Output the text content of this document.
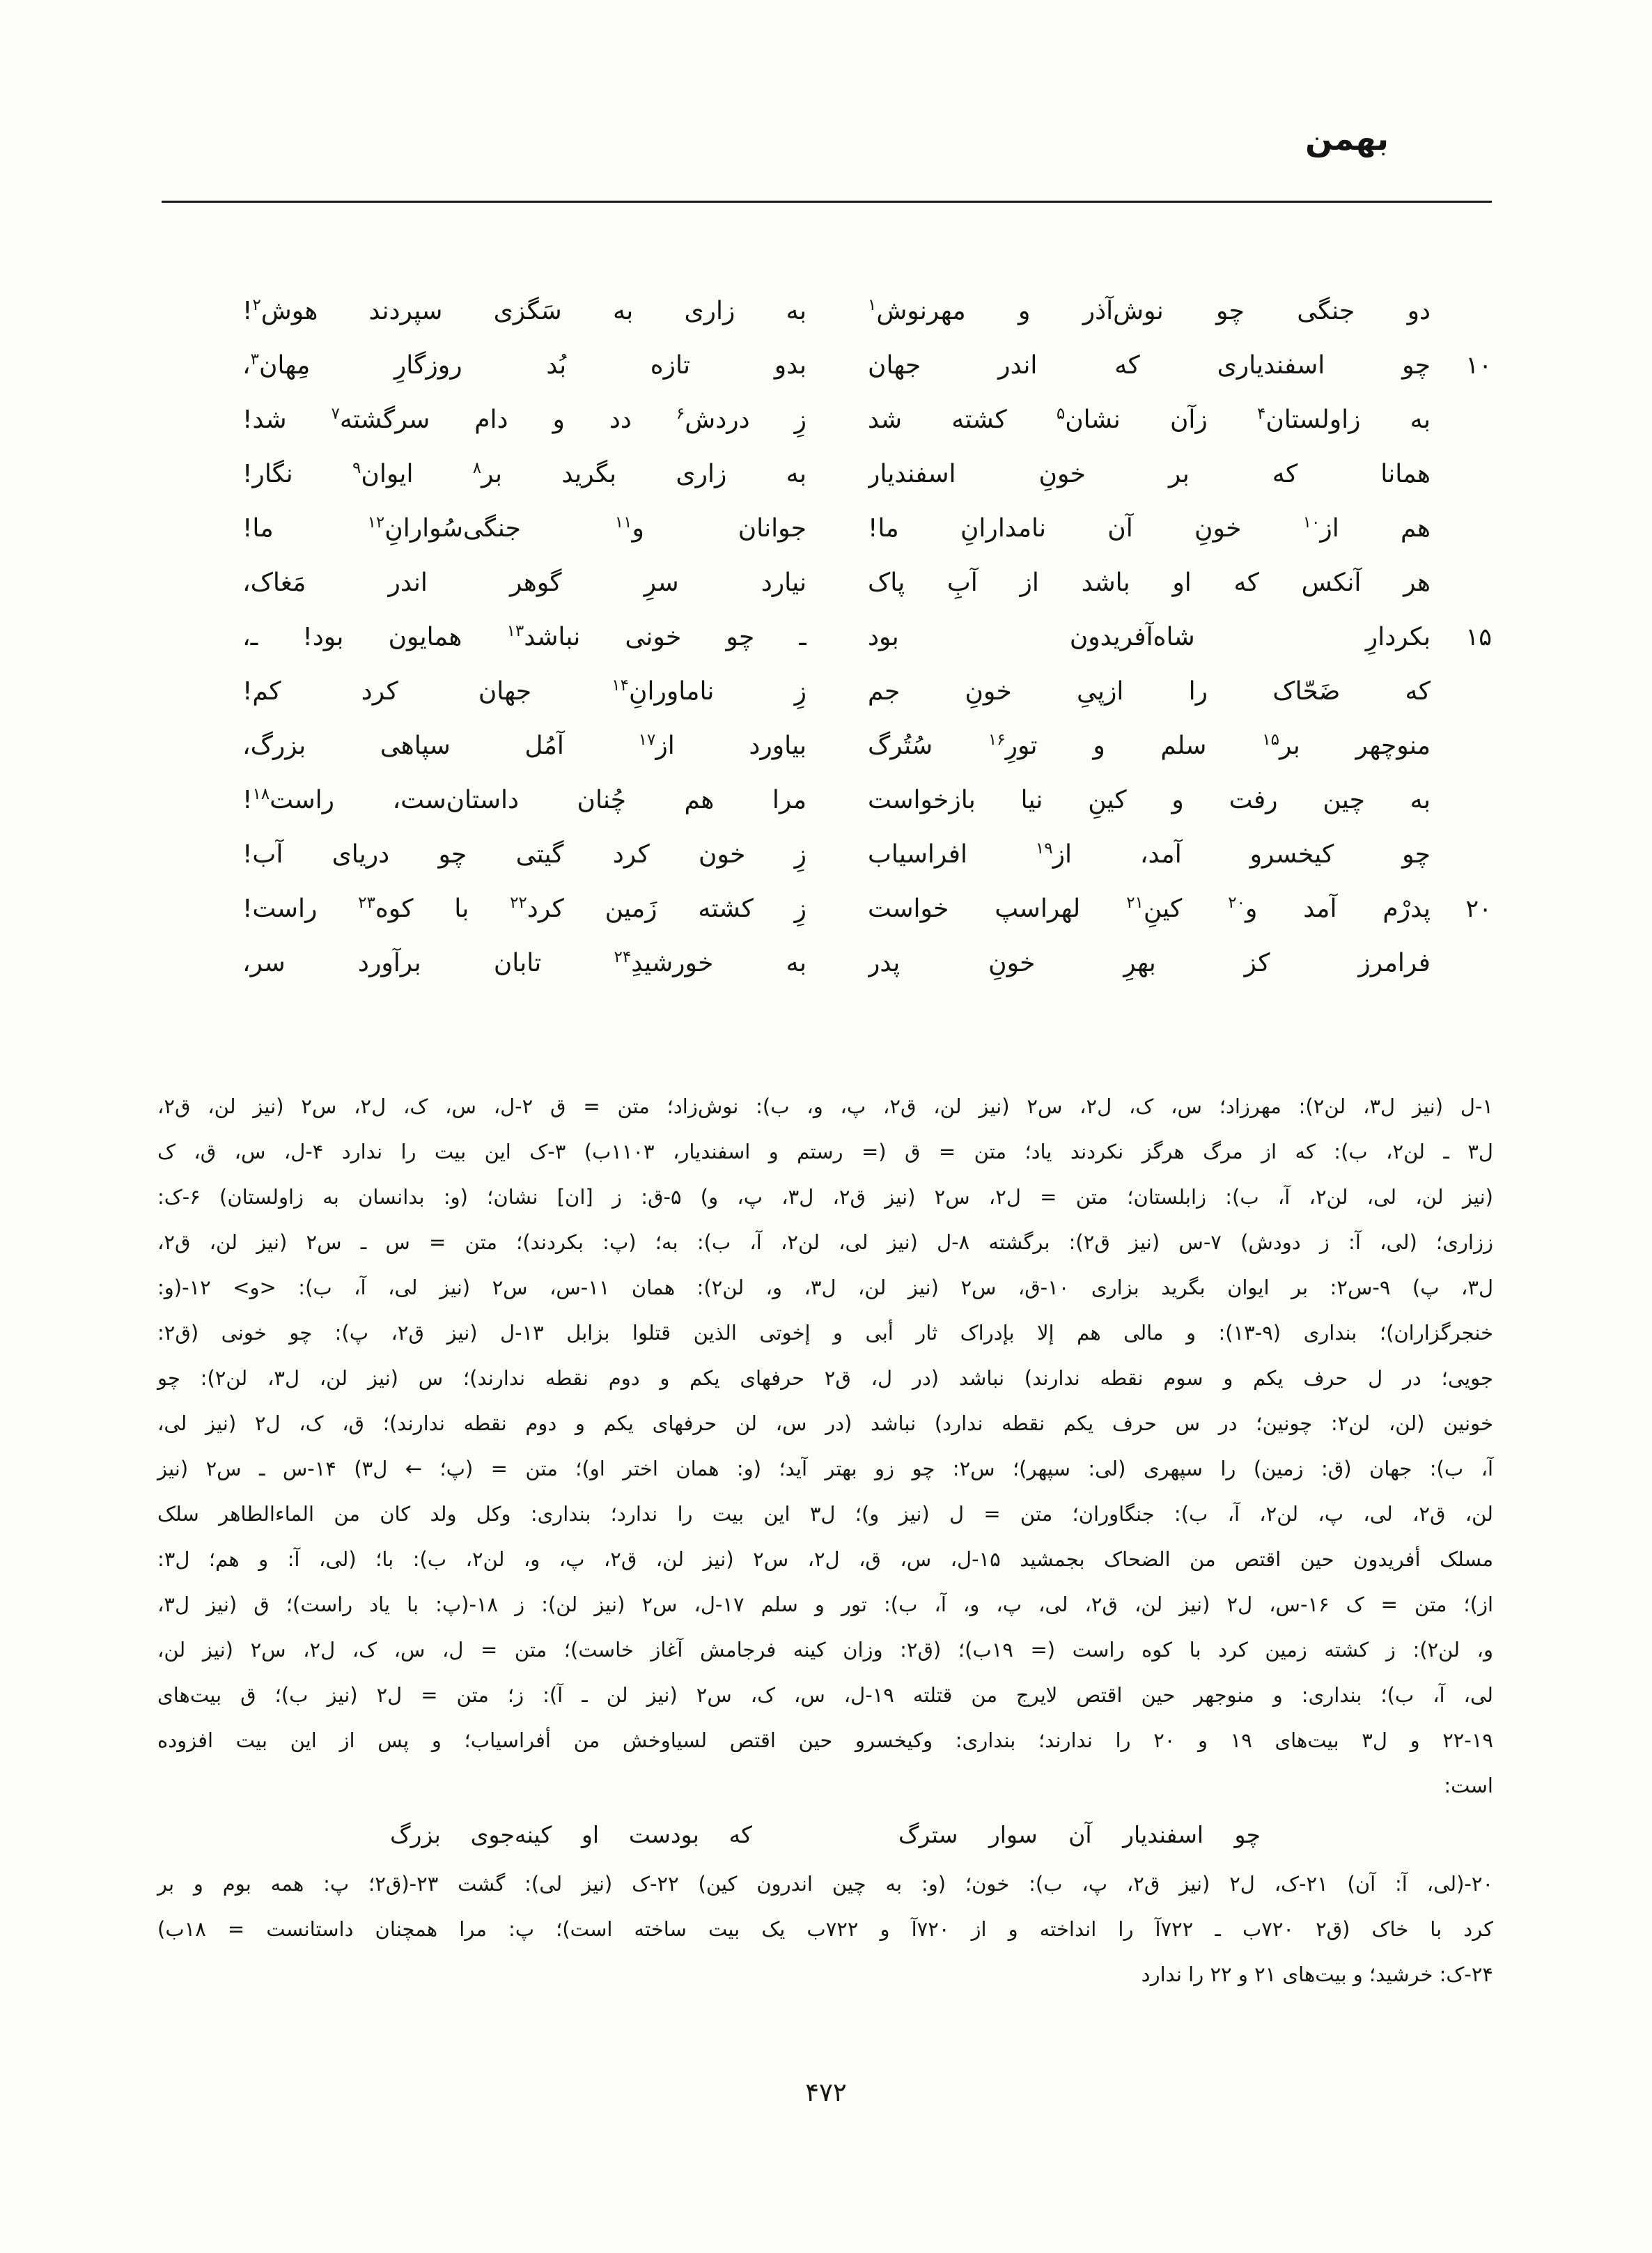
بهمن
دو جنگی چو نوش‌آذر و مهرنوش$^۱$
به زاری به سَگزی سپردند هوش$^۲$!
۱۰
چو اسفندیاری که اندر جهان
بدو تازه بُد روزگارِ مِهان$^۳$،
به زاولستان$^۴$ زآن نشان$^۵$ کشته شد
زِ دردش$^۶$ دد و دام سرگشته$^۷$ شد!
همانا که بر خونِ اسفندیار
به زاری بگرید بر$^۸$ ایوان$^۹$ نگار!
هم از$^{۱۰}$ خونِ آن نامدارانِ ما!
جوانان و$^{۱۱}$ جنگی‌سُوارانِ$^{۱۲}$ ما!
هر آنکس که او باشد از آبِ پاک
نیارد سرِ گوهر اندر مَغاک،
۱۵
بکردارِ شاه‌آفریدون بود
ـ چو خونی نباشد$^{۱۳}$ همایون بود! ـ،
که ضَحّاک را ازپیِ خونِ جم
زِ ناماورانِ$^{۱۴}$ جهان کرد کم!
منوچهر بر$^{۱۵}$ سلم و تورِ$^{۱۶}$ سُتُرگ
بیاورد از$^{۱۷}$ آمُل سپاهی بزرگ،
به چین رفت و کینِ نیا بازخواست
مرا هم چُنان داستان‌ست، راست$^{۱۸}$!
چو کیخسرو آمد، از$^{۱۹}$ افراسیاب
زِ خون کرد گیتی چو دریای آب!
۲۰
پدرْم آمد و$^{۲۰}$ کینِ$^{۲۱}$ لهراسپ خواست
زِ کشته زَمین کرد$^{۲۲}$ با کوه$^{۲۳}$ راست!
فرامرز کز بهرِ خونِ پدر
به خورشیدِ$^{۲۴}$ تابان برآورد سر،
۱-ل (نیز ل۳، لن۲): مهرزاد؛ س، ک، ل۲، س۲ (نیز لن، ق۲، پ، و، ب): نوش‌زاد؛ متن = ق ۲-ل، س، ک، ل۲، س۲ (نیز لن، ق۲،
ل۳ ـ لن۲، ب): که از مرگ هرگز نکردند یاد؛ متن = ق (= رستم و اسفندیار، ۱۱۰۳ب) ۳-ک این بیت را ندارد ۴-ل، س، ق، ک
(نیز لن، لی، لن۲، آ، ب): زابلستان؛ متن = ل۲، س۲ (نیز ق۲، ل۳، پ، و) ۵-ق: ز [ان] نشان؛ (و: بدانسان به زاولستان) ۶-ک:
ززاری؛ (لی، آ: ز دودش) ۷-س (نیز ق۲): برگشته ۸-ل (نیز لی، لن۲، آ، ب): به؛ (پ: بکردند)؛ متن = س ـ س۲ (نیز لن، ق۲،
ل۳، پ) ۹-س۲: بر ایوان بگرید بزاری ۱۰-ق، س۲ (نیز لن، ل۳، و، لن۲): همان ۱۱-س، س۲ (نیز لی، آ، ب): <و> ۱۲-(و:
خنجرگزاران)؛ بنداری (۹‏-‏۱۳): و مالی هم إلا بإدراک ثار أبی و إخوتی الذین قتلوا بزابل ۱۳-ل (نیز ق۲، پ): چو خونی (ق۲:
جویی؛ در ل حرف یکم و سوم نقطه ندارند) نباشد (در ل، ق۲ حرفهای یکم و دوم نقطه ندارند)؛ س (نیز لن، ل۳، لن۲): چو
خونین (لن، لن۲: چونین؛ در س حرف یکم نقطه ندارد) نباشد (در س، لن حرفهای یکم و دوم نقطه ندارند)؛ ق، ک، ل۲ (نیز لی،
آ، ب): جهان (ق: زمین) را سپهری (لی: سپهر)؛ س۲: چو زو بهتر آید؛ (و: همان اختر او)؛ متن = (پ؛ ← ل۳) ۱۴-س ـ س۲ (نیز
لن، ق۲، لی، پ، لن۲، آ، ب): جنگاوران؛ متن = ل (نیز و)؛ ل۳ این بیت را ندارد؛ بنداری: وکل ولد کان من الماءالطاهر سلک
مسلک أفریدون حین اقتص من الضحاک بجمشید ۱۵-ل، س، ق، ل۲، س۲ (نیز لن، ق۲، پ، و، لن۲، ب): با؛ (لی، آ: و هم؛ ل۳:
از)؛ متن = ک ۱۶-س، ل۲ (نیز لن، ق۲، لی، پ، و، آ، ب): تور و سلم ۱۷-ل، س۲ (نیز لن): ز ۱۸-(پ: با یاد راست)؛ ق (نیز ل۳،
و، لن۲): ز کشته زمین کرد با کوه راست (= ۱۹ب)؛ (ق۲: وزان کینه فرجامش آغاز خاست)؛ متن = ل، س، ک، ل۲، س۲ (نیز لن،
لی، آ، ب)؛ بنداری: و منوجهر حین اقتص لایرج من قتلته ۱۹-ل، س، ک، س۲ (نیز لن ـ آ): ز؛ متن = ل۲ (نیز ب)؛ ق بیت‌های
۱۹‏-‏۲۲ و ل۳ بیت‌های ۱۹ و ۲۰ را ندارند؛ بنداری: وکیخسرو حین اقتص لسیاوخش من أفراسیاب؛ و پس از این بیت افزوده
است:
چو اسفندیار آن سوار سترگ
که بودست او کینه‌جوی بزرگ
۲۰-(لی، آ: آن) ۲۱-ک، ل۲ (نیز ق۲، پ، ب): خون؛ (و: به چین اندرون کین) ۲۲-ک (نیز لی): گشت ۲۳-(ق۲؛ پ: همه بوم و بر
کرد با خاک (ق۲ ۷۲۰ب ـ ۷۲۲آ را انداخته و از ۷۲۰آ و ۷۲۲ب یک بیت ساخته است)؛ پ: مرا همچنان داستانست = ۱۸ب)
۲۴-ک: خرشید؛ و بیت‌های ۲۱ و ۲۲ را ندارد
۴۷۲
